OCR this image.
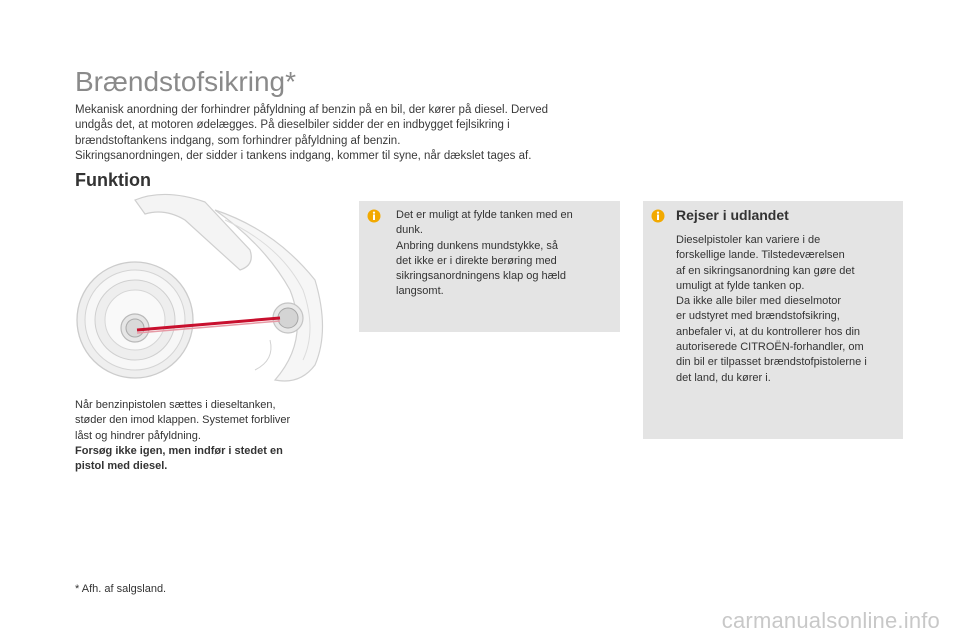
Brændstofsikring*

Mekanisk anordning der forhindrer påfyldning af benzin på en bil, der kører på diesel. Derved

undgås det, at motoren ødelægges. På dieselbiler sidder der en indbygget fejlsikring i

brændstoftankens indgang, som forhindrer påfyldning af benzin.

Sikringsanordningen, der sidder i tankens indgang, kommer til syne, når dækslet tages af.

Funktion

Når benzinpistolen sættes i dieseltanken,

støder den imod klappen. Systemet forbliver

låst og hindrer påfyldning.

Forsøg ikke igen, men indfør i stedet en

pistol med diesel.

Det er muligt at fylde tanken med en

dunk.

Anbring dunkens mundstykke, så

det ikke er i direkte berøring med

sikringsanordningens klap og hæld

langsomt.

Rejser i udlandet

Dieselpistoler kan variere i de

forskellige lande. Tilstedeværelsen

af en sikringsanordning kan gøre det

umuligt at fylde tanken op.

Da ikke alle biler med dieselmotor

er udstyret med brændstofsikring,

anbefaler vi, at du kontrollerer hos din

autoriserede CITROËN-forhandler, om

din bil er tilpasset brændstofpistolerne i

det land, du kører i.

* Afh. af salgsland.
carmanualsonline.info
